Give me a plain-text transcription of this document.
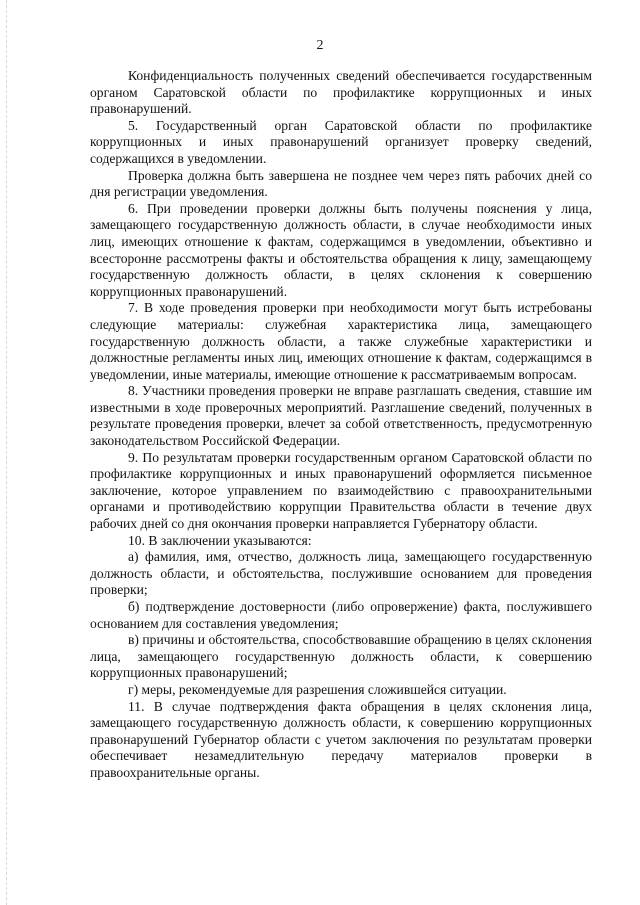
2

Конфиденциальность полученных сведений обеспечивается государственным органом Саратовской области по профилактике коррупционных и иных правонарушений.

5. Государственный орган Саратовской области по профилактике коррупционных и иных правонарушений организует проверку сведений, содержащихся в уведомлении.

Проверка должна быть завершена не позднее чем через пять рабочих дней со дня регистрации уведомления.

6. При проведении проверки должны быть получены пояснения у лица, замещающего государственную должность области, в случае необходимости иных лиц, имеющих отношение к фактам, содержащимся в уведомлении, объективно и всесторонне рассмотрены факты и обстоятельства обращения к лицу, замещающему государственную должность области, в целях склонения к совершению коррупционных правонарушений.

7. В ходе проведения проверки при необходимости могут быть истребованы следующие материалы: служебная характеристика лица, замещающего государственную должность области, а также служебные характеристики и должностные регламенты иных лиц, имеющих отношение к фактам, содержащимся в уведомлении, иные материалы, имеющие отношение к рассматриваемым вопросам.

8. Участники проведения проверки не вправе разглашать сведения, ставшие им известными в ходе проверочных мероприятий. Разглашение сведений, полученных в результате проведения проверки, влечет за собой ответственность, предусмотренную законодательством Российской Федерации.

9. По результатам проверки государственным органом Саратовской области по профилактике коррупционных и иных правонарушений оформляется письменное заключение, которое управлением по взаимодействию с правоохранительными органами и противодействию коррупции Правительства области в течение двух рабочих дней со дня окончания проверки направляется Губернатору области.

10. В заключении указываются:

а) фамилия, имя, отчество, должность лица, замещающего государственную должность области, и обстоятельства, послужившие основанием для проведения проверки;

б) подтверждение достоверности (либо опровержение) факта, послужившего основанием для составления уведомления;

в) причины и обстоятельства, способствовавшие обращению в целях склонения лица, замещающего государственную должность области, к совершению коррупционных правонарушений;

г) меры, рекомендуемые для разрешения сложившейся ситуации.

11. В случае подтверждения факта обращения в целях склонения лица, замещающего государственную должность области, к совершению коррупционных правонарушений Губернатор области с учетом заключения по результатам проверки обеспечивает незамедлительную передачу материалов проверки в правоохранительные органы.
